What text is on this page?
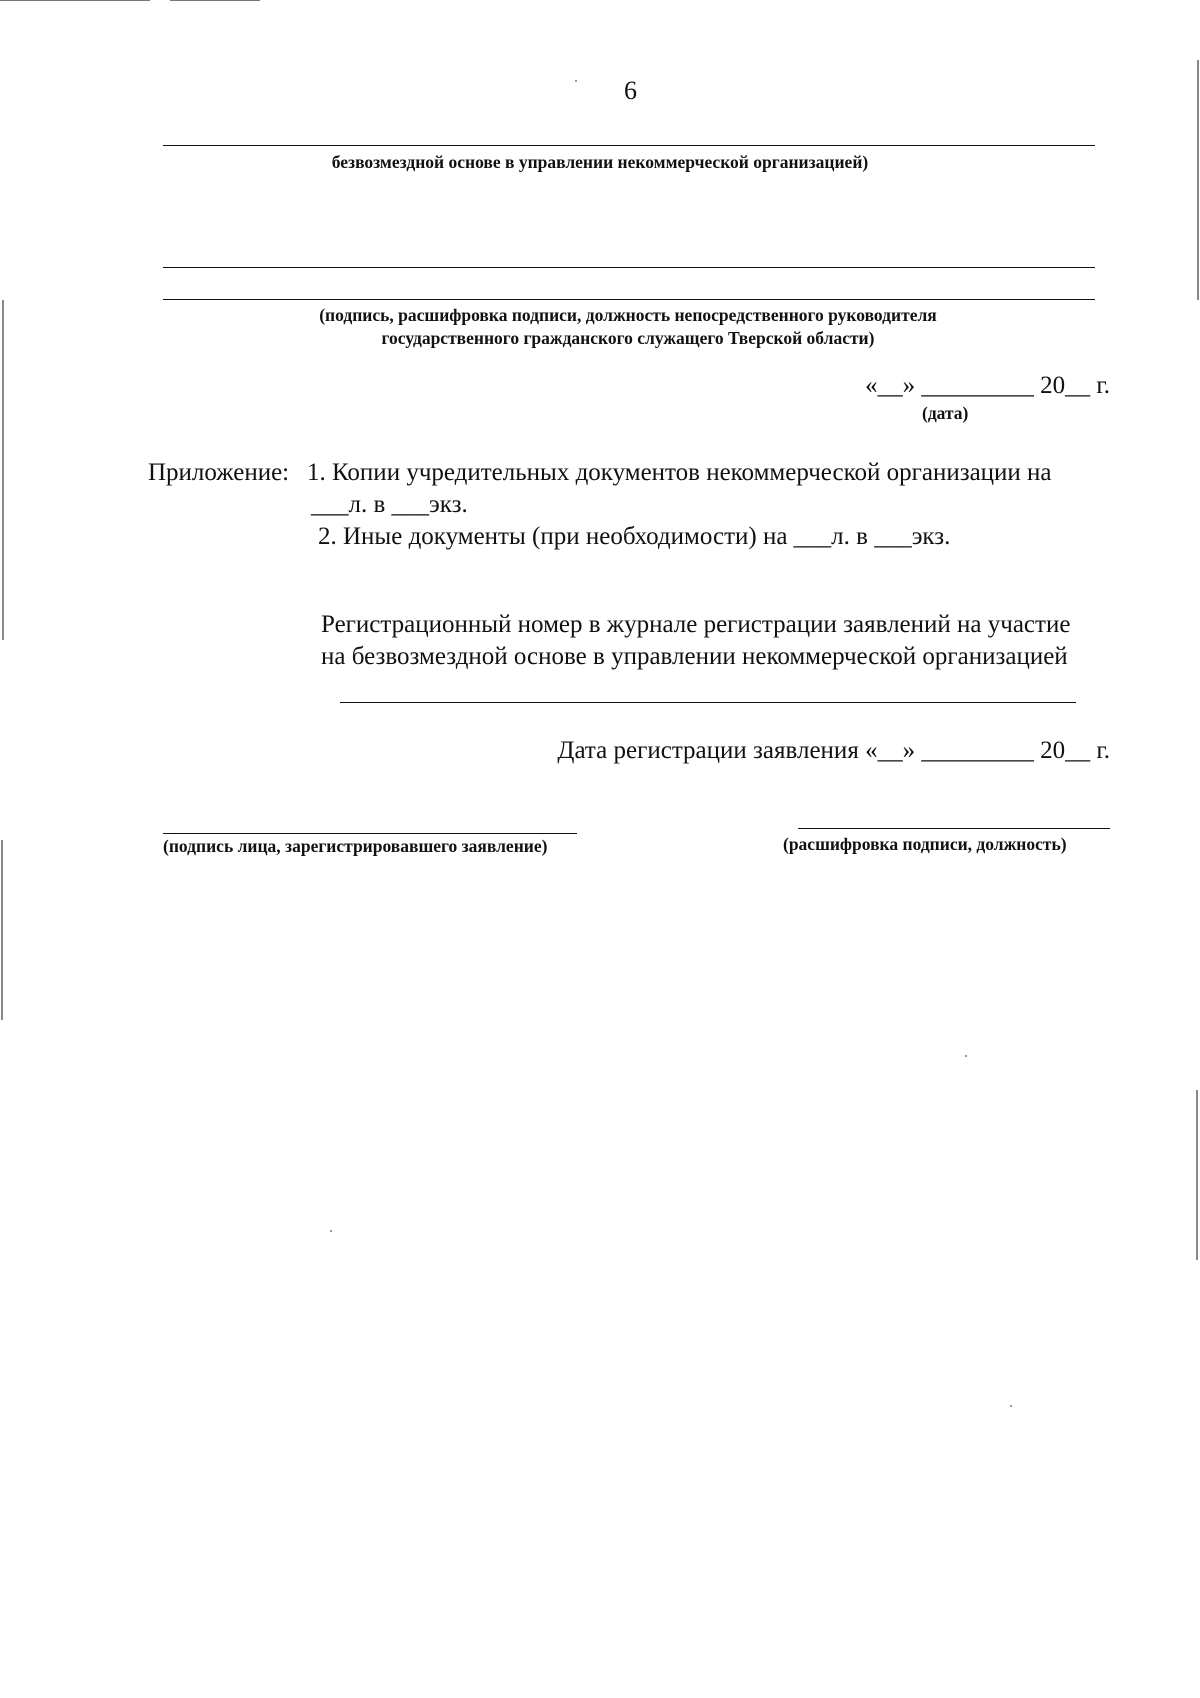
6
безвозмездной основе в управлении некоммерческой организацией)
(подпись, расшифровка подписи, должность непосредственного руководителя
государственного гражданского служащего Тверской области)
«__» _________ 20__ г.
(дата)
Приложение: 1. Копии учредительных документов некоммерческой организации на
___л. в ___экз.
2. Иные документы (при необходимости) на ___л. в ___экз.
Регистрационный номер в журнале регистрации заявлений на участие
на безвозмездной основе в управлении некоммерческой организацией
Дата регистрации заявления «__» _________ 20__ г.
(подпись лица, зарегистрировавшего заявление)	(расшифровка подписи, должность)
